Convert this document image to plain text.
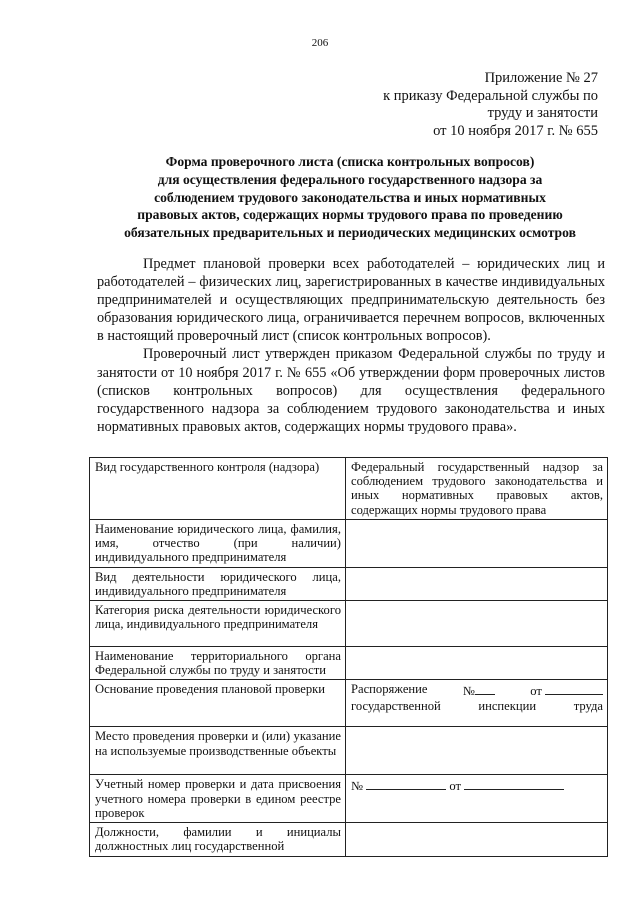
206
Приложение № 27
к приказу Федеральной службы по
труду и занятости
от 10 ноября 2017 г. № 655
Форма проверочного листа (списка контрольных вопросов)
для осуществления федерального государственного надзора за
соблюдением трудового законодательства и иных нормативных
правовых актов, содержащих нормы трудового права по проведению
обязательных предварительных и периодических медицинских осмотров

Предмет плановой проверки всех работодателей – юридических лиц и работодателей – физических лиц, зарегистрированных в качестве индивидуальных предпринимателей и осуществляющих предпринимательскую деятельность без образования юридического лица, ограничивается перечнем вопросов, включенных в настоящий проверочный лист (список контрольных вопросов).

Проверочный лист утвержден приказом Федеральной службы по труду и занятости от 10 ноября 2017 г. № 655 «Об утверждении форм проверочных листов (списков контрольных вопросов) для осуществления федерального государственного надзора за соблюдением трудового законодательства и иных нормативных правовых актов, содержащих нормы трудового права».

Вид государственного контроля (надзора)	Федеральный государственный надзор за соблюдением трудового законодательства и иных нормативных правовых актов, содержащих нормы трудового права
Наименование юридического лица, фамилия, имя, отчество (при наличии) индивидуального предпринимателя	
Вид деятельности юридического лица, индивидуального предпринимателя	
Категория риска деятельности юридического лица, индивидуального предпринимателя	
Наименование территориального органа Федеральной службы по труду и занятости	
Основание проведения плановой проверки	Распоряжение № от
государственной инспекции труда

Место проведения проверки и (или) указание на используемые производственные объекты	
Учетный номер проверки и дата присвоения учетного номера проверки в едином реестре проверок	№ от
Должности, фамилии и инициалы должностных лиц государственной	
